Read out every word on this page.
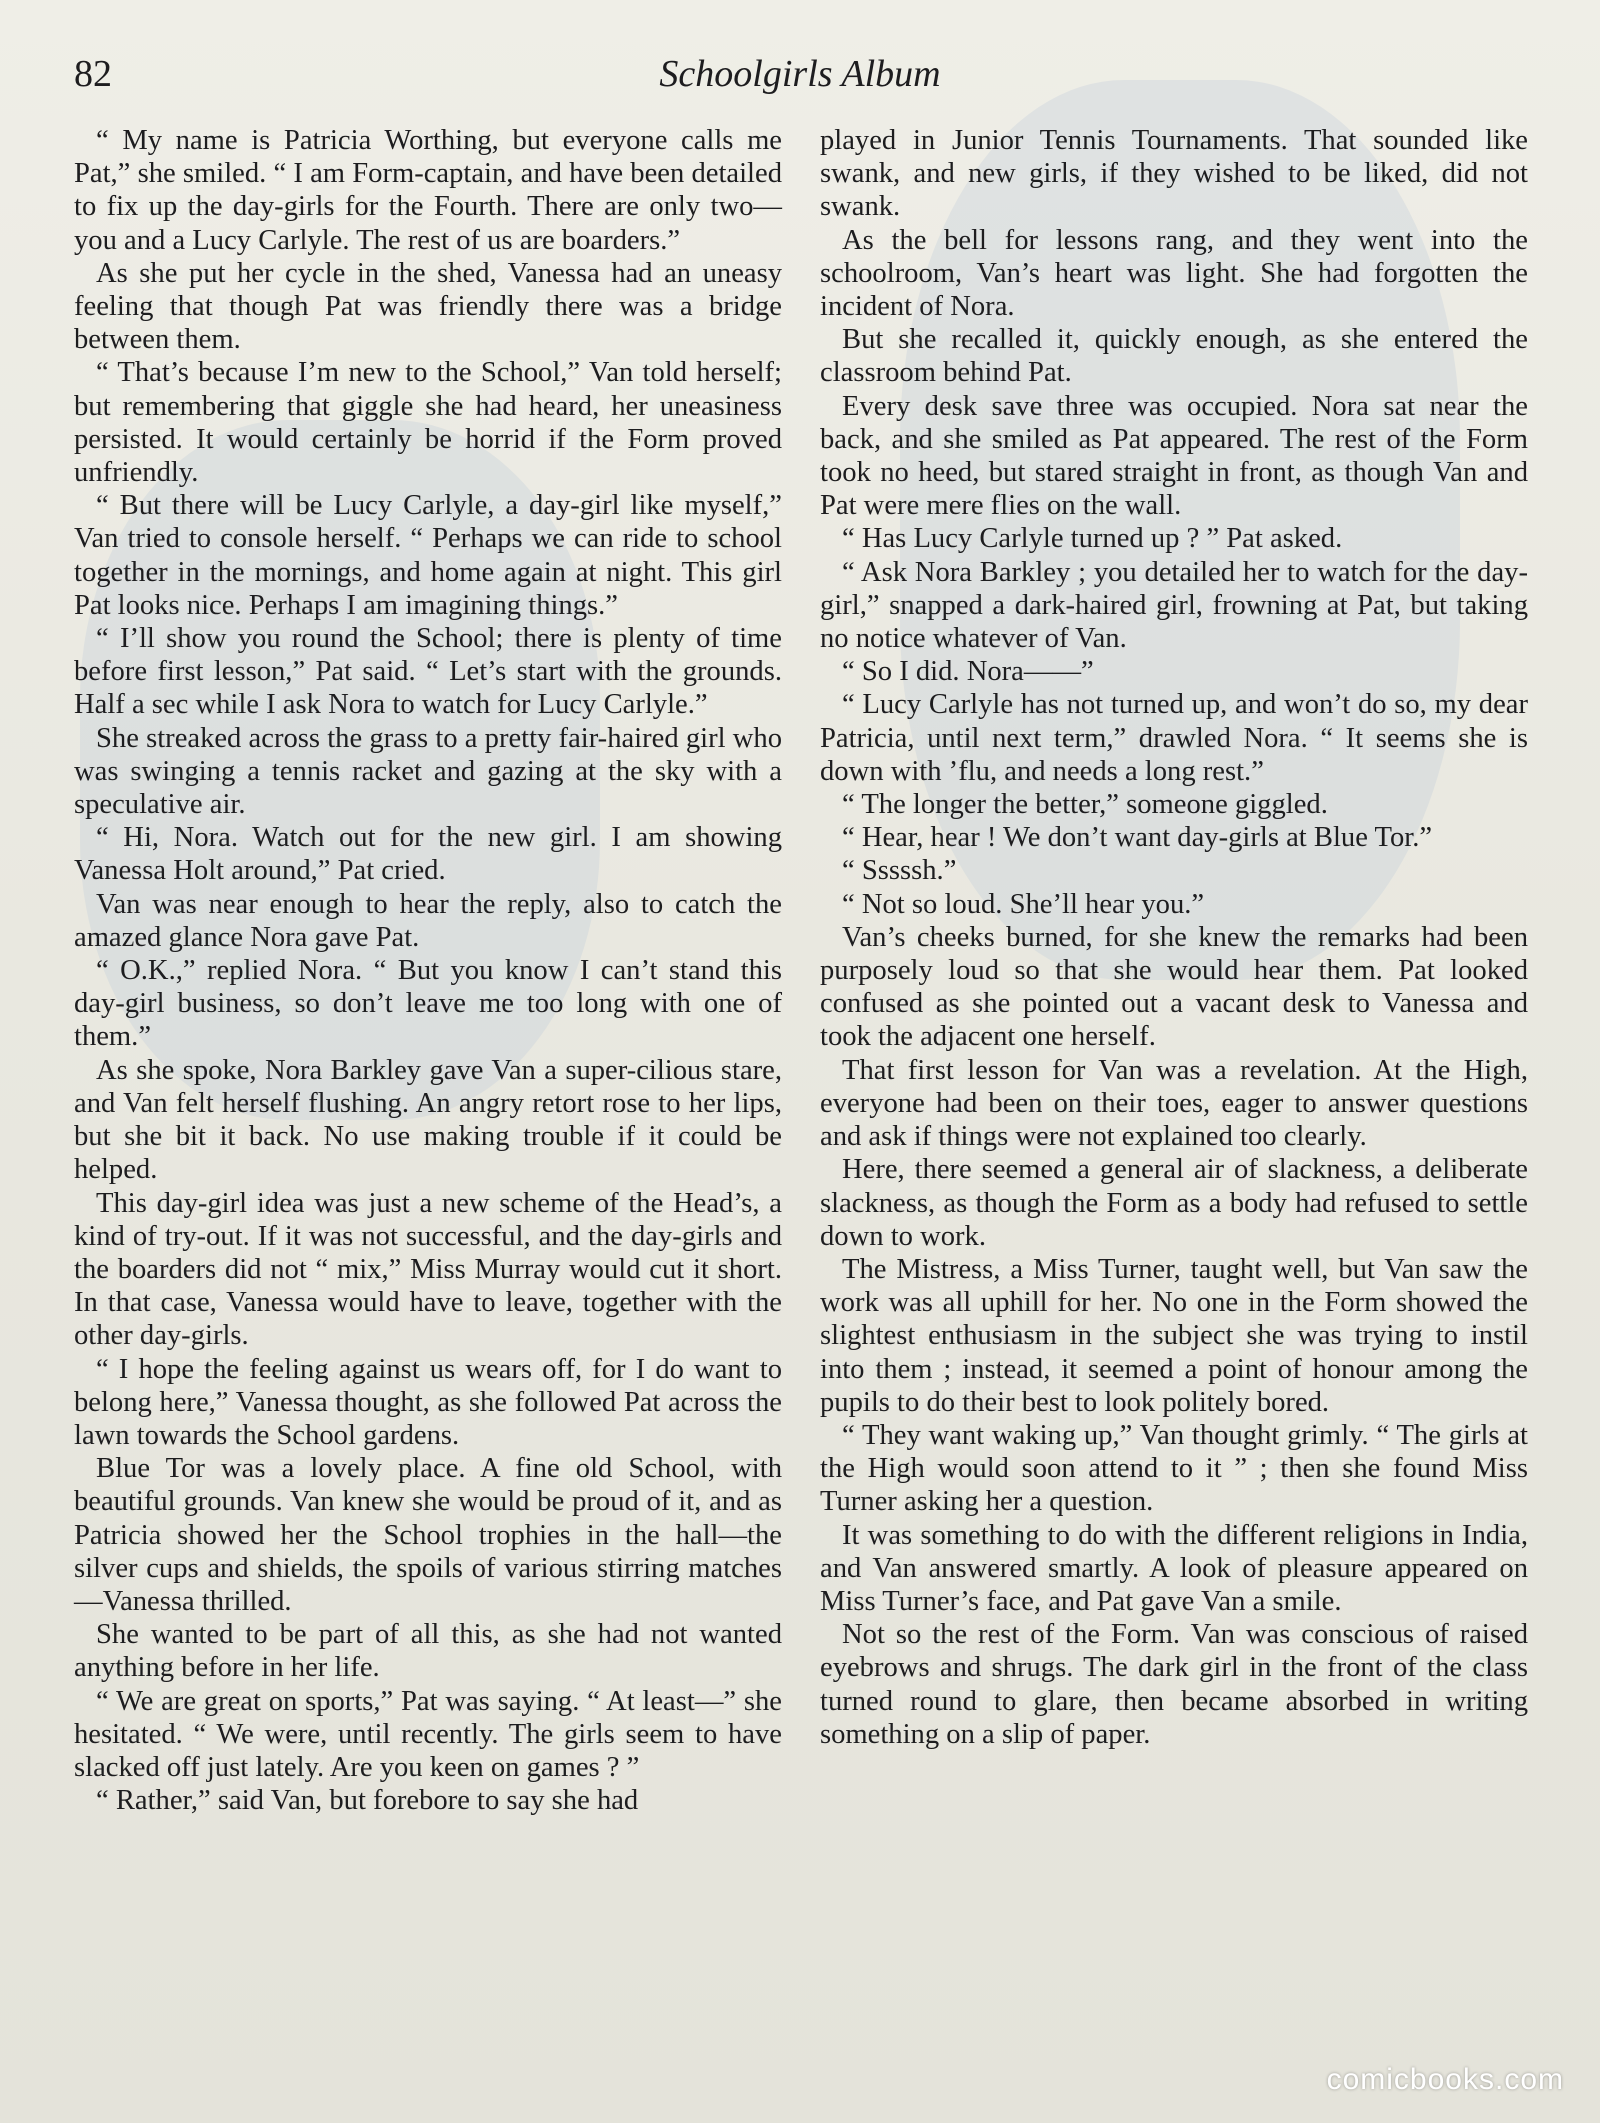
82	Schoolgirls Album

“ My name is Patricia Worthing, but everyone calls me Pat,” she smiled. “ I am Form-captain, and have been detailed to fix up the day-girls for the Fourth. There are only two—you and a Lucy Carlyle. The rest of us are boarders.”

As she put her cycle in the shed, Vanessa had an uneasy feeling that though Pat was friendly there was a bridge between them.

“ That’s because I’m new to the School,” Van told herself; but remembering that giggle she had heard, her uneasiness persisted. It would certainly be horrid if the Form proved unfriendly.

“ But there will be Lucy Carlyle, a day-girl like myself,” Van tried to console herself. “ Perhaps we can ride to school together in the mornings, and home again at night. This girl Pat looks nice. Perhaps I am imagining things.”

“ I’ll show you round the School; there is plenty of time before first lesson,” Pat said. “ Let’s start with the grounds. Half a sec while I ask Nora to watch for Lucy Carlyle.”

She streaked across the grass to a pretty fair-haired girl who was swinging a tennis racket and gazing at the sky with a speculative air.

“ Hi, Nora. Watch out for the new girl. I am showing Vanessa Holt around,” Pat cried.

Van was near enough to hear the reply, also to catch the amazed glance Nora gave Pat.

“ O.K.,” replied Nora. “ But you know I can’t stand this day-girl business, so don’t leave me too long with one of them.”

As she spoke, Nora Barkley gave Van a super-cilious stare, and Van felt herself flushing. An angry retort rose to her lips, but she bit it back. No use making trouble if it could be helped.

This day-girl idea was just a new scheme of the Head’s, a kind of try-out. If it was not successful, and the day-girls and the boarders did not “ mix,” Miss Murray would cut it short. In that case, Vanessa would have to leave, together with the other day-girls.

“ I hope the feeling against us wears off, for I do want to belong here,” Vanessa thought, as she followed Pat across the lawn towards the School gardens.

Blue Tor was a lovely place. A fine old School, with beautiful grounds. Van knew she would be proud of it, and as Patricia showed her the School trophies in the hall—the silver cups and shields, the spoils of various stirring matches—Vanessa thrilled.

She wanted to be part of all this, as she had not wanted anything before in her life.

“ We are great on sports,” Pat was saying. “ At least—” she hesitated. “ We were, until recently. The girls seem to have slacked off just lately. Are you keen on games ? ”

“ Rather,” said Van, but forebore to say she had

played in Junior Tennis Tournaments. That sounded like swank, and new girls, if they wished to be liked, did not swank.

As the bell for lessons rang, and they went into the schoolroom, Van’s heart was light. She had forgotten the incident of Nora.

But she recalled it, quickly enough, as she entered the classroom behind Pat.

Every desk save three was occupied. Nora sat near the back, and she smiled as Pat appeared. The rest of the Form took no heed, but stared straight in front, as though Van and Pat were mere flies on the wall.

“ Has Lucy Carlyle turned up ? ” Pat asked.

“ Ask Nora Barkley ; you detailed her to watch for the day-girl,” snapped a dark-haired girl, frowning at Pat, but taking no notice whatever of Van.

“ So I did. Nora——”

“ Lucy Carlyle has not turned up, and won’t do so, my dear Patricia, until next term,” drawled Nora. “ It seems she is down with ’flu, and needs a long rest.”

“ The longer the better,” someone giggled.

“ Hear, hear ! We don’t want day-girls at Blue Tor.”

“ Sssssh.”

“ Not so loud. She’ll hear you.”

Van’s cheeks burned, for she knew the remarks had been purposely loud so that she would hear them. Pat looked confused as she pointed out a vacant desk to Vanessa and took the adjacent one herself.

That first lesson for Van was a revelation. At the High, everyone had been on their toes, eager to answer questions and ask if things were not explained too clearly.

Here, there seemed a general air of slackness, a deliberate slackness, as though the Form as a body had refused to settle down to work.

The Mistress, a Miss Turner, taught well, but Van saw the work was all uphill for her. No one in the Form showed the slightest enthusiasm in the subject she was trying to instil into them ; instead, it seemed a point of honour among the pupils to do their best to look politely bored.

“ They want waking up,” Van thought grimly. “ The girls at the High would soon attend to it ” ; then she found Miss Turner asking her a question.

It was something to do with the different religions in India, and Van answered smartly. A look of pleasure appeared on Miss Turner’s face, and Pat gave Van a smile.

Not so the rest of the Form. Van was conscious of raised eyebrows and shrugs. The dark girl in the front of the class turned round to glare, then became absorbed in writing something on a slip of paper.

comicbooks.com
